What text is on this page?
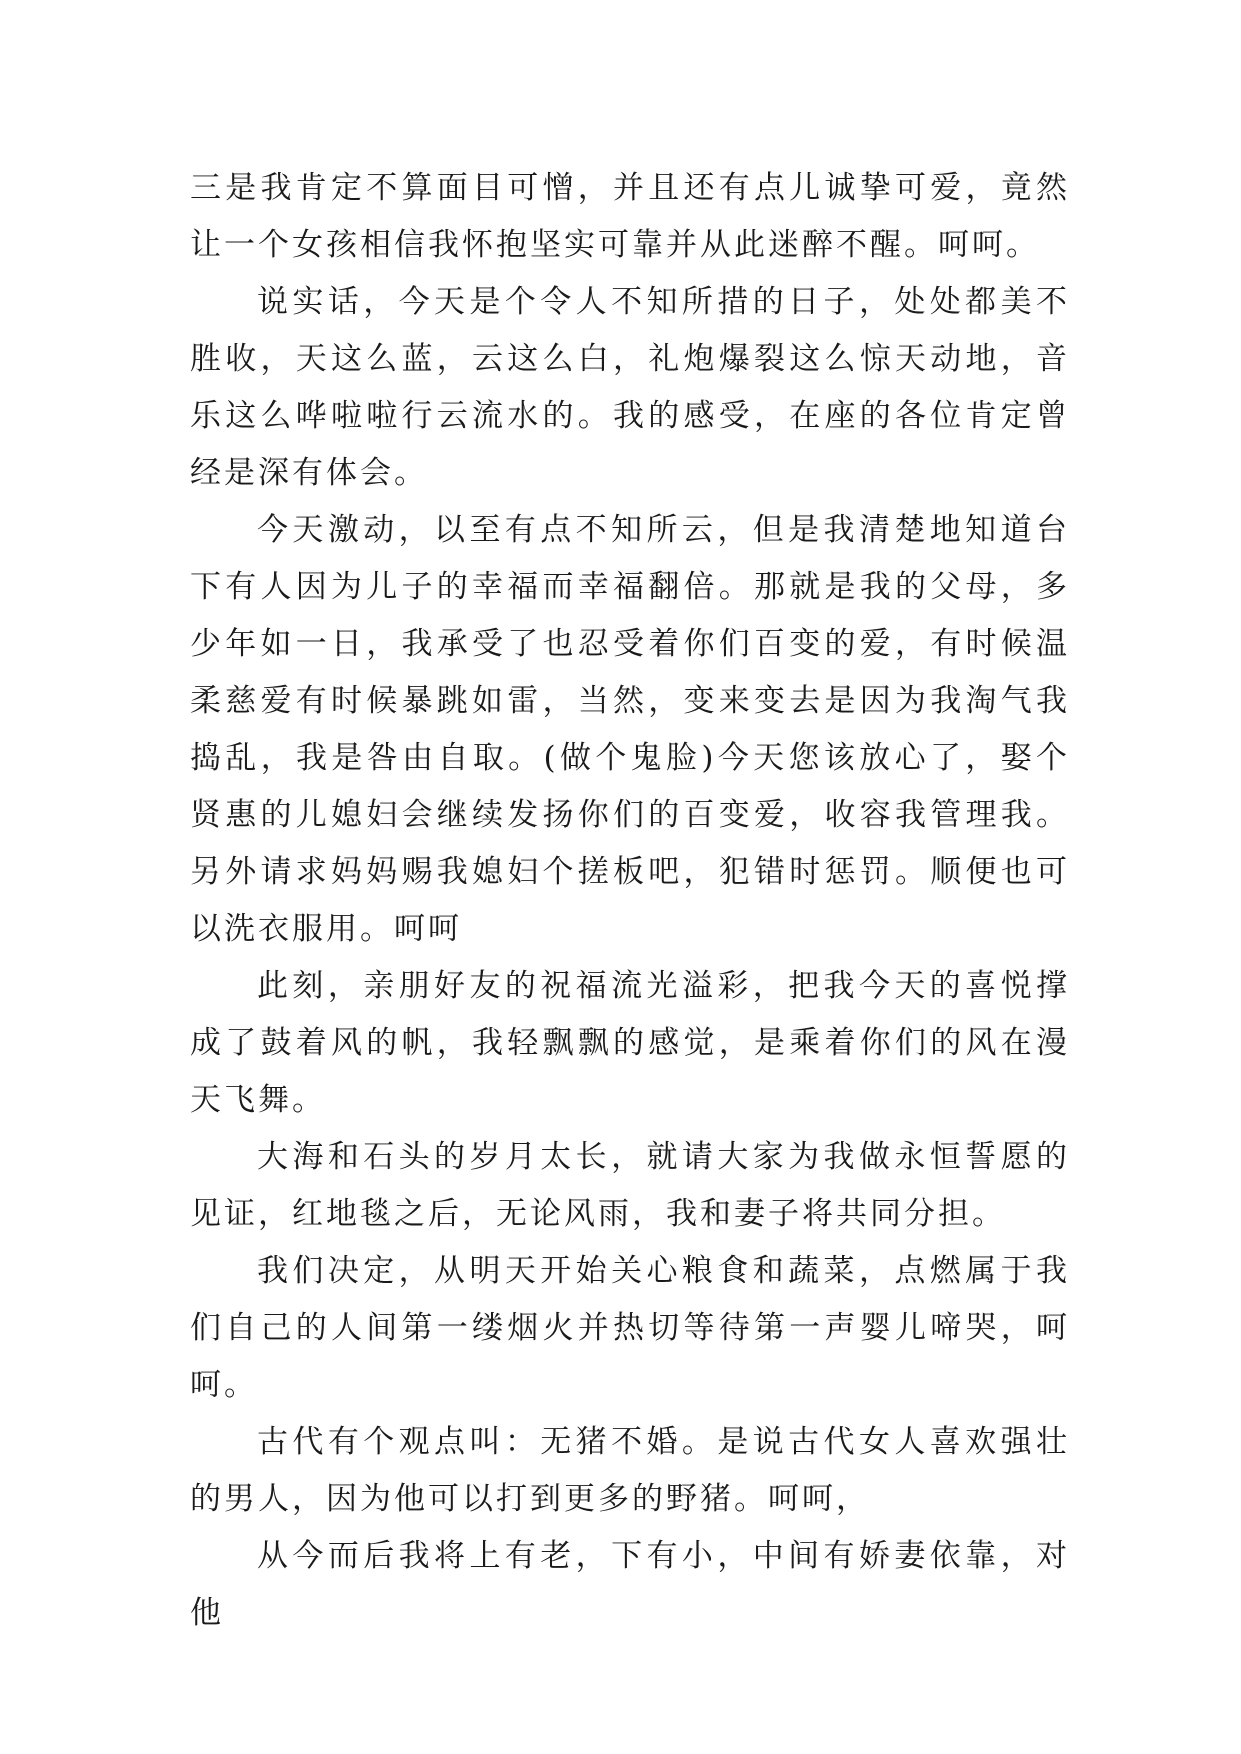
三是我肯定不算面目可憎，并且还有点儿诚挚可爱，竟然让一个女孩相信我怀抱坚实可靠并从此迷醉不醒。呵呵。

说实话，今天是个令人不知所措的日子，处处都美不胜收，天这么蓝，云这么白，礼炮爆裂这么惊天动地，音乐这么哗啦啦行云流水的。我的感受，在座的各位肯定曾经是深有体会。

今天激动，以至有点不知所云，但是我清楚地知道台下有人因为儿子的幸福而幸福翻倍。那就是我的父母，多少年如一日，我承受了也忍受着你们百变的爱，有时候温柔慈爱有时候暴跳如雷，当然，变来变去是因为我淘气我捣乱，我是咎由自取。(做个鬼脸)今天您该放心了，娶个贤惠的儿媳妇会继续发扬你们的百变爱，收容我管理我。另外请求妈妈赐我媳妇个搓板吧，犯错时惩罚。顺便也可以洗衣服用。呵呵

此刻，亲朋好友的祝福流光溢彩，把我今天的喜悦撑成了鼓着风的帆，我轻飘飘的感觉，是乘着你们的风在漫天飞舞。

大海和石头的岁月太长，就请大家为我做永恒誓愿的见证，红地毯之后，无论风雨，我和妻子将共同分担。

我们决定，从明天开始关心粮食和蔬菜，点燃属于我们自己的人间第一缕烟火并热切等待第一声婴儿啼哭，呵呵。

古代有个观点叫：无猪不婚。是说古代女人喜欢强壮的男人，因为他可以打到更多的野猪。呵呵，

从今而后我将上有老，下有小，中间有娇妻依靠，对他
